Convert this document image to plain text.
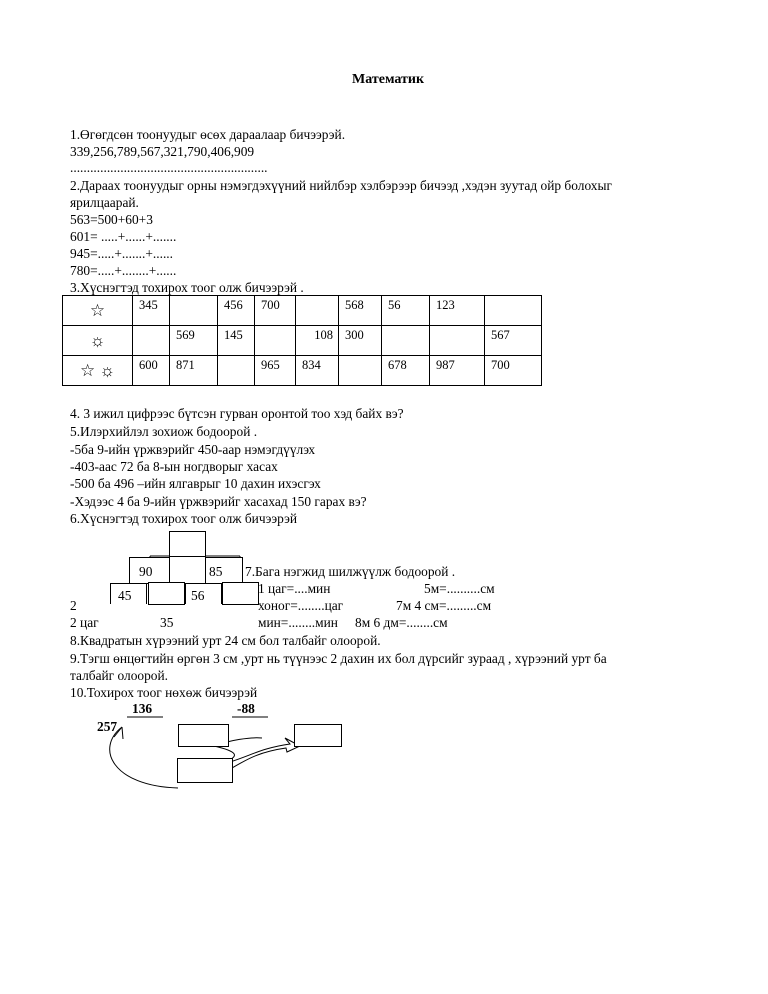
Математик
1.Өгөгдсөн тоонуудыг өсөх дараалаар бичээрэй.
339,256,789,567,321,790,406,909
...........................................................
2.Дараах тоонуудыг орны нэмэгдэхүүний нийлбэр хэлбэрээр бичээд ,хэдэн зуутад ойр болохыг
ярилцаарай.
563=500+60+3
601= .....+......+.......
945=.....+.......+......
780=.....+........+......
3.Хүснэгтэд тохирох тоог олж бичээрэй .
☆	345		456	700		568	56	123	
☼		569	145		108	300			567
☆ ☼	600	871		965	834		678	987	700
4. 3 ижил цифрээс бүтсэн гурван оронтой тоо хэд байх вэ?
5.Илэрхийлэл зохиож бодоорой .
-5ба 9-ийн үржвэрийг 450-аар нэмэгдүүлэх
-403-аас 72 ба 8-ын ногдворыг хасах
-500 ба 496 –ийн ялгаврыг 10 дахин ихэсгэх
-Хэдээс 4 ба 9-ийн үржвэрийг хасахад 150 гарах вэ?
6.Хүснэгтэд тохирох тоог олж бичээрэй
90	85
45	56
7.Бага нэгжид шилжүүлж бодоорой .
1 цаг=....мин	5м=..........см
2	хоног=........цаг	7м 4 см=.........см
2 цаг	35	мин=........мин 8м 6 дм=........см
8.Квадратын хүрээний урт 24 см бол талбайг олоорой.
9.Тэгш өнцөгтийн өргөн 3 см ,урт нь түүнээс 2 дахин их бол дүрсийг зураад , хүрээний урт ба
талбайг олоорой.
10.Тохирох тоог нөхөж бичээрэй
136	-88
257
